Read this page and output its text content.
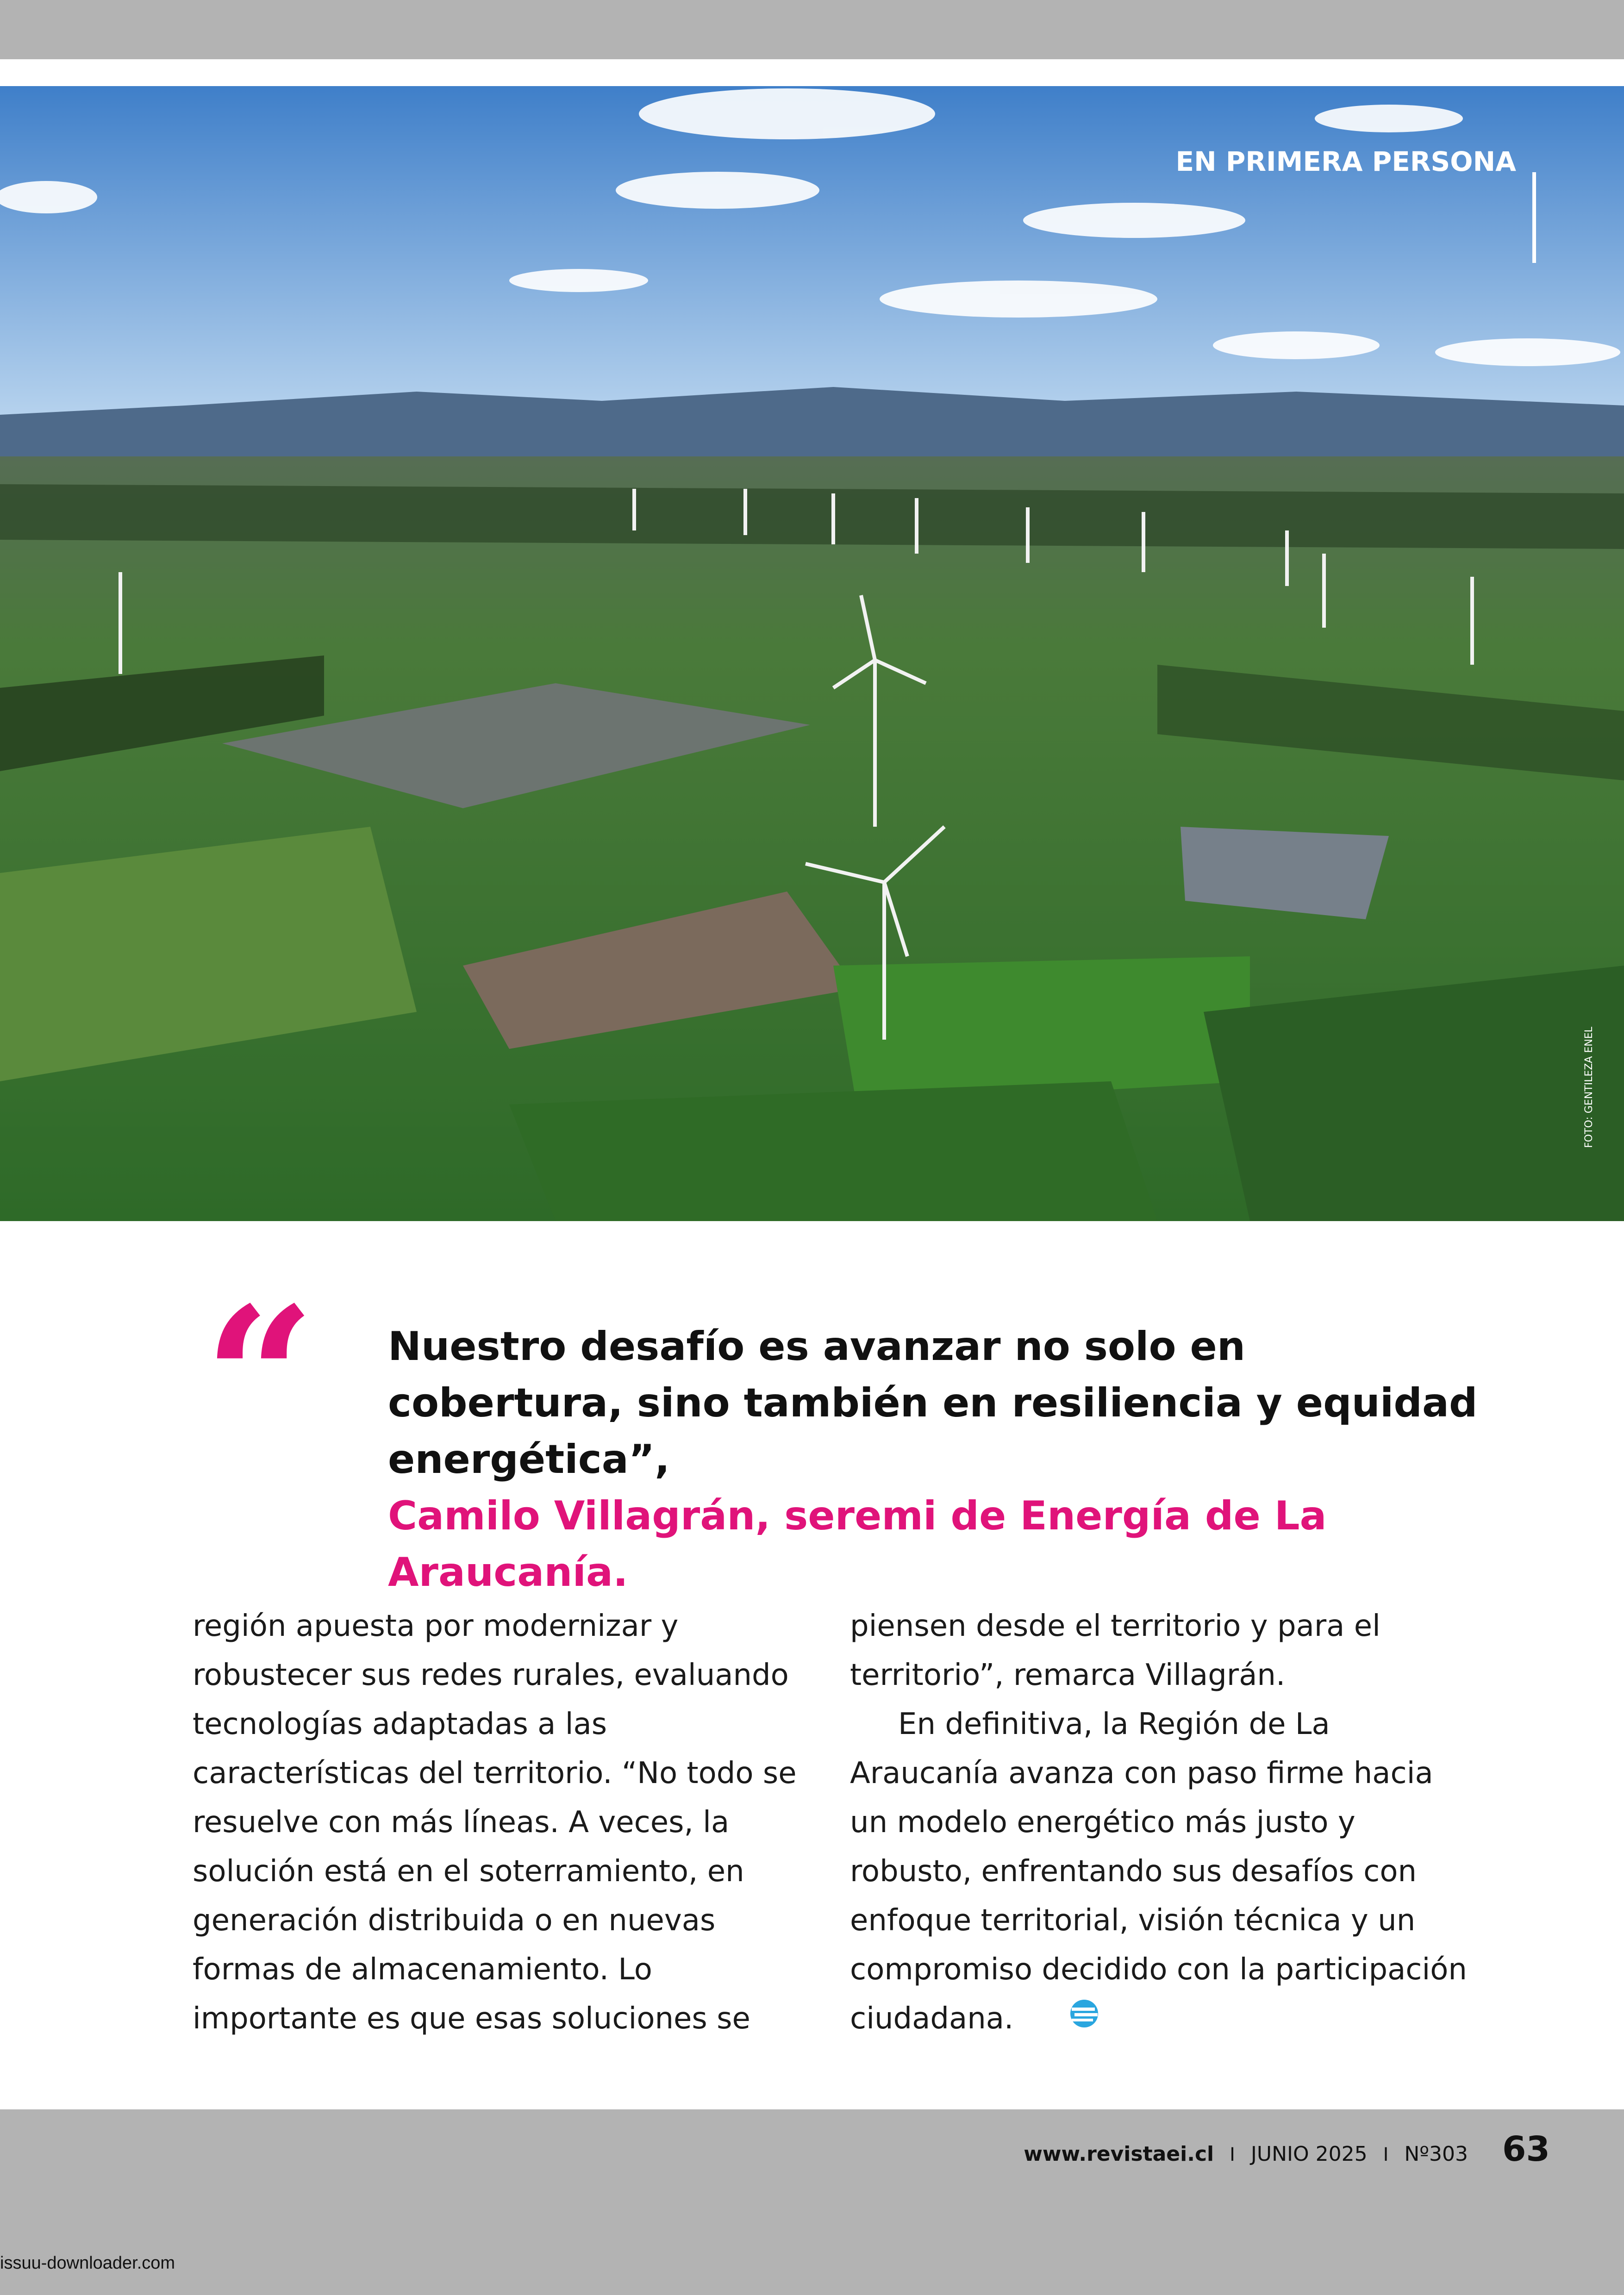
EN PRIMERA PERSONA
FOTO: GENTILEZA ENEL
“ Nuestro desafío es avanzar no solo en cobertura, sino también en resiliencia y equidad energética”,
Camilo Villagrán, seremi de Energía de La Araucanía.

región apuesta por modernizar y robustecer sus redes rurales, evaluando tecnologías adaptadas a las características del territorio. “No todo se resuelve con más líneas. A veces, la solución está en el soterramiento, en generación distribuida o en nuevas formas de almacenamiento. Lo importante es que esas soluciones se

piensen desde el territorio y para el territorio”, remarca Villagrán.

En definitiva, la Región de La Araucanía avanza con paso firme hacia un modelo energético más justo y robusto, enfrentando sus desafíos con enfoque territorial, visión técnica y un compromiso decidido con la participación ciudadana.

www.revistaei.cl I JUNIO 2025 I Nº303 63
issuu-downloader.com
